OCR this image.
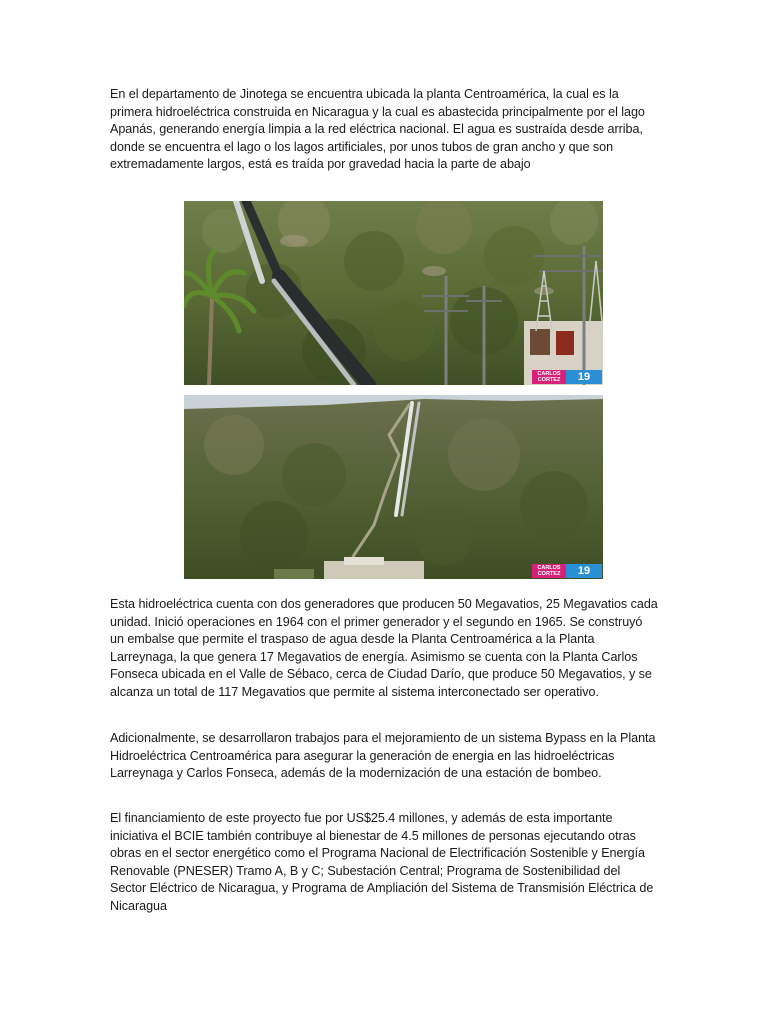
En el departamento de Jinotega se encuentra ubicada la planta Centroamérica, la cual es la primera hidroeléctrica construida en Nicaragua y la cual es abastecida principalmente por el lago Apanás, generando energía limpia a la red eléctrica nacional. El agua es sustraída desde arriba, donde se encuentra el lago o los lagos artificiales, por unos tubos de gran ancho y que son extremadamente largos, está es traída por gravedad hacia la parte de abajo

CARLOS
CORTEZ	19
CARLOS
CORTEZ	19

Esta hidroeléctrica cuenta con dos generadores que producen 50 Megavatios, 25 Megavatios cada unidad. Inició operaciones en 1964 con el primer generador y el segundo en 1965. Se construyó un embalse que permite el traspaso de agua desde la Planta Centroamérica a la Planta Larreynaga, la que genera 17 Megavatios de energía. Asimismo se cuenta con la Planta Carlos Fonseca ubicada en el Valle de Sébaco, cerca de Ciudad Darío, que produce 50 Megavatios, y se alcanza un total de 117 Megavatios que permite al sistema interconectado ser operativo.

Adicionalmente, se desarrollaron trabajos para el mejoramiento de un sistema Bypass en la Planta Hidroeléctrica Centroamérica para asegurar la generación de energia en las hidroeléctricas Larreynaga y Carlos Fonseca, además de la modernización de una estación de bombeo.

El financiamiento de este proyecto fue por US$25.4 millones, y además de esta importante iniciativa el BCIE también contribuye al bienestar de 4.5 millones de personas ejecutando otras obras en el sector energético como el Programa Nacional de Electrificación Sostenible y Energía Renovable (PNESER) Tramo A, B y C; Subestación Central; Programa de Sostenibilidad del Sector Eléctrico de Nicaragua, y Programa de Ampliación del Sistema de Transmisión Eléctrica de Nicaragua
